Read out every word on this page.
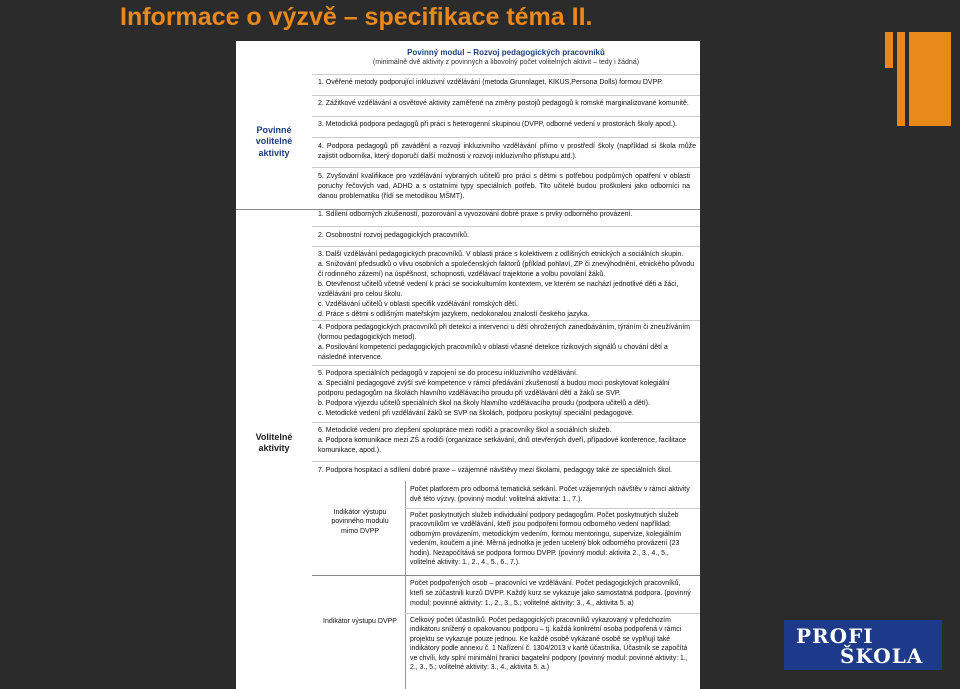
Informace o výzvě – specifikace téma II.
Povinné volitelné aktivity
Volitelné aktivity
Povinný modul – Rozvoj pedagogických pracovníků
(minimálně dvě aktivity z povinných a libovolný počet volitelných aktivit – tedy i žádná)
1. Ověřené metody podporující inkluzivní vzdělávání (metoda Grunnlaget, KIKUS,Persona Dolls) formou DVPP.
2. Zážitkové vzdělávání a osvětové aktivity zaměřené na změny postojů pedagogů k romské marginalizované komunitě.
3. Metodická podpora pedagogů při práci s heterogenní skupinou (DVPP, odborné vedení v prostorách školy apod.).
4. Podpora pedagogů při zavádění a rozvoji inkluzivního vzdělávání přímo v prostředí školy (například si škola může zajistit odborníka, který doporučí další možnosti v rozvoji inkluzivního přístupu atd.).
5. Zvyšování kvalifikace pro vzdělávání vybraných učitelů pro práci s dětmi s potřebou podpůrných opatření v oblasti poruchy řečových vad, ADHD a s ostatními typy speciálních potřeb. Tito učitelé budou proškoleni jako odborníci na danou problematiku (řídí se metodikou MŠMT).
1. Sdílení odborných zkušeností, pozorování a vyvozování dobré praxe s prvky odborného provázení.
2. Osobnostní rozvoj pedagogických pracovníků.
3. Další vzdělávání pedagogických pracovníků. V oblasti práce s kolektivem z odlišných etnických a sociálních skupin.
a. Snižování předsudků o vlivu osobních a společenských faktorů (příklad pohlaví, ZP či znevýhodnění, etnického původu či rodinného zázemí) na úspěšnost, schopnosti, vzdělávací trajektorie a volbu povolání žáků.
b. Otevřenost učitelů včetně vedení k práci se sociokulturním kontextem, ve kterém se nachází jednotlivé děti a žáci, vzdělávání pro celou školu.
c. Vzdělávání učitelů v oblasti specifik vzdělávání romských dětí.
d. Práce s dětmi s odlišným mateřským jazykem, nedokonalou znalostí českého jazyka.
4. Podpora pedagogických pracovníků při detekci a intervenci u dětí ohrožených zanedbáváním, týráním či zneužíváním (formou pedagogických metod).
a. Posilování kompetencí pedagogických pracovníků v oblasti včasné detekce rizikových signálů u chování dětí a následné intervence.
5. Podpora speciálních pedagogů v zapojení se do procesu inkluzivního vzdělávání.
a. Speciální pedagogové zvýší své kompetence v rámci předávání zkušeností a budou moci poskytovat kolegiální podporu pedagogům na školách hlavního vzdělávacího proudu při vzdělávání dětí a žáků se SVP.
b. Podpora výjezdu učitelů speciálních škol na školy hlavního vzdělávacího proudu (podpora učitelů a dětí).
c. Metodické vedení při vzdělávání žáků se SVP na školách, podporu poskytují speciální pedagogové.
6. Metodické vedení pro zlepšení spolupráce mezi rodiči a pracovníky škol a sociálních služeb.
a. Podpora komunikace mezi ZŠ a rodiči (organizace setkávání, dnů otevřených dveří, případové konference, facilitace komunikace, apod.).
7. Podpora hospitací a sdílení dobré praxe – vzájemné návštěvy mezi školami, pedagogy také ze speciálních škol.
Indikátor výstupu povinného modulu mimo DVPP
Indikátor výstupu DVPP
Počet platforem pro odborná tematická setkání. Počet vzájemných návštěv v rámci aktivity dvě této výzvy. (povinný modul: volitelná aktivita: 1., 7.).
Počet poskytnutých služeb individuální podpory pedagogům. Počet poskytnutých služeb pracovníkům ve vzdělávání, kteří jsou podpořeni formou odborného vedení například: odborným provázením, metodickým vedením, formou mentoringu, supervize, kolegiálním vedením, koučem a jiné. Měrná jednotka je jeden ucelený blok odborného provázení (23 hodin). Nezapočítává se podpora formou DVPP. (povinný modul: aktivita 2., 3., 4., 5., volitelné aktivity: 1., 2., 4., 5., 6., 7.).
Počet podpořených osob – pracovníci ve vzdělávání. Počet pedagogických pracovníků, kteří se zúčastnili kurzů DVPP. Každý kurz se vykazuje jako samostatná podpora. (povinný modul: povinné aktivity: 1., 2., 3., 5.; volitelné aktivity: 3., 4., aktivita 5. a)
Celkový počet účastníků. Počet pedagogických pracovníků vykazovaný v předchozím indikátoru snížený o opakovanou podporu – tj. každá konkrétní osoba podpořená v rámci projektu se vykazuje pouze jednou. Ke každé osobě vykázané osobě se vyplňují také indikátory podle annexu č. 1 Nařízení č. 1304/2013 v kartě účastníka. Účastník se započítá ve chvíli, kdy splní minimální hranici bagatelní podpory (povinný modul: povinné aktivity: 1., 2., 3., 5.; volitelné aktivity: 3., 4., aktivita 5. a.)
PROFI
ŠKOLA
